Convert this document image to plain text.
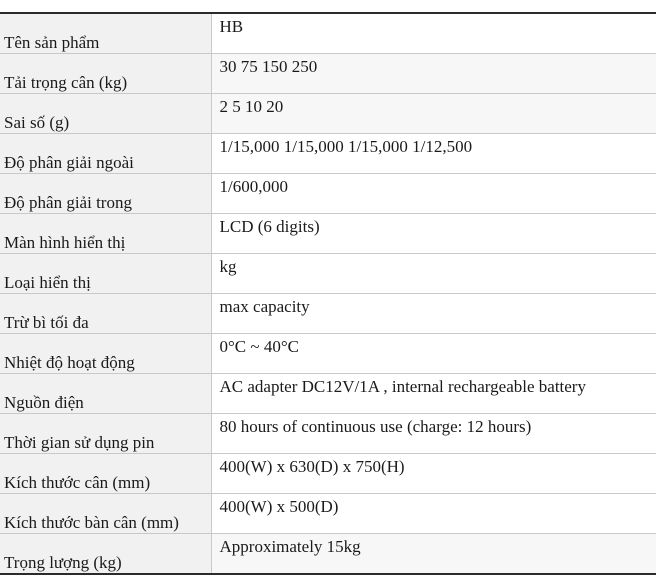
Tên sản phẩm	HB
Tải trọng cân (kg)	30 75 150 250
Sai số (g)	2 5 10 20
Độ phân giải ngoài	1/15,000 1/15,000 1/15,000 1/12,500
Độ phân giải trong	1/600,000
Màn hình hiển thị	LCD (6 digits)
Loại hiển thị	kg
Trừ bì tối đa	max capacity
Nhiệt độ hoạt động	0°C ~ 40°C
Nguồn điện	AC adapter DC12V/1A , internal rechargeable battery
Thời gian sử dụng pin	80 hours of continuous use (charge: 12 hours)
Kích thước cân (mm)	400(W) x 630(D) x 750(H)
Kích thước bàn cân (mm)	400(W) x 500(D)
Trọng lượng (kg)	Approximately 15kg
